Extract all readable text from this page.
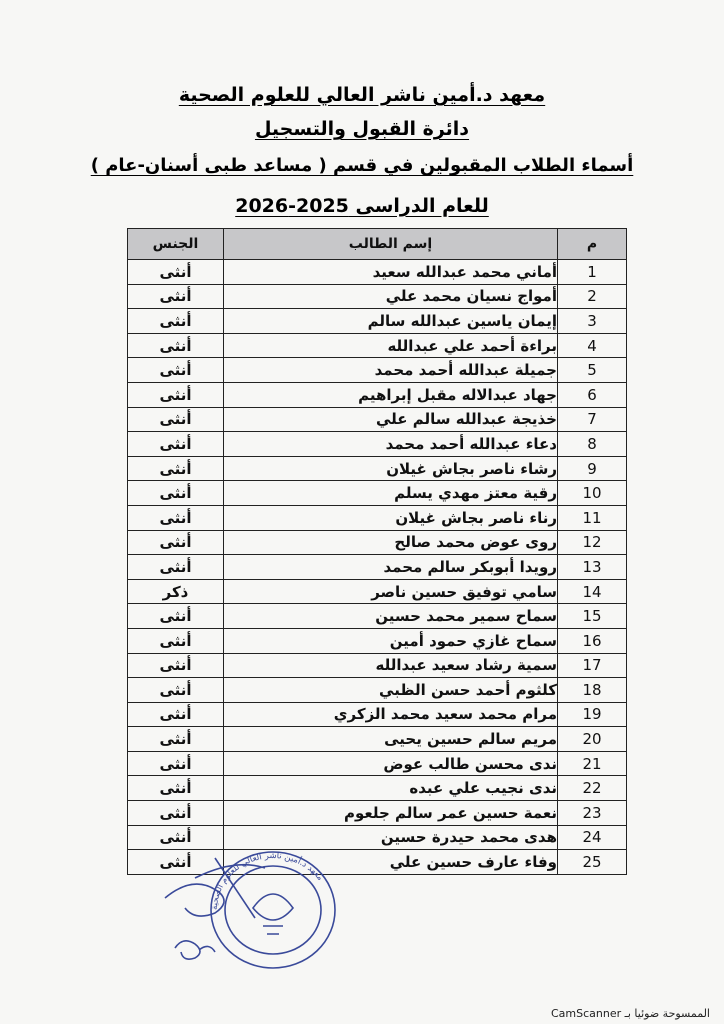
معهد د.أمين ناشر العالي للعلوم الصحية
دائرة القبول والتسجيل
أسماء الطلاب المقبولين في قسم ( مساعد طبى أسنان-عام )
للعام الدراسى 2025-2026
م	إسم الطالب	الجنس
1	أماني محمد عبدالله سعيد	أنثى
2	أمواج نسيان محمد علي	أنثى
3	إيمان ياسين عبدالله سالم	أنثى
4	براءة أحمد علي عبدالله	أنثى
5	جميلة عبدالله أحمد محمد	أنثى
6	جهاد عبدالاله مقبل إبراهيم	أنثى
7	خذيجة عبدالله سالم علي	أنثى
8	دعاء عبدالله أحمد محمد	أنثى
9	رشاء ناصر بجاش غيلان	أنثى
10	رقية معتز مهدي يسلم	أنثى
11	رناء ناصر بجاش غيلان	أنثى
12	روى عوض محمد صالح	أنثى
13	رويدا أبوبكر سالم محمد	أنثى
14	سامي توفيق حسين ناصر	ذكر
15	سماح سمير محمد حسين	أنثى
16	سماح غازي حمود أمين	أنثى
17	سمية رشاد سعيد عبدالله	أنثى
18	كلثوم أحمد حسن الظبي	أنثى
19	مرام محمد سعيد محمد الزكري	أنثى
20	مريم سالم حسين يحيى	أنثى
21	ندى محسن طالب عوض	أنثى
22	ندى نجيب علي عبده	أنثى
23	نعمة حسين عمر سالم جلعوم	أنثى
24	هدى محمد حيدرة حسين	أنثى
25	وفاء عارف حسين علي	أنثى
معهد د.أمين ناشر العالي للعلوم الصحية
الممسوحة ضوئيا بـ CamScanner
